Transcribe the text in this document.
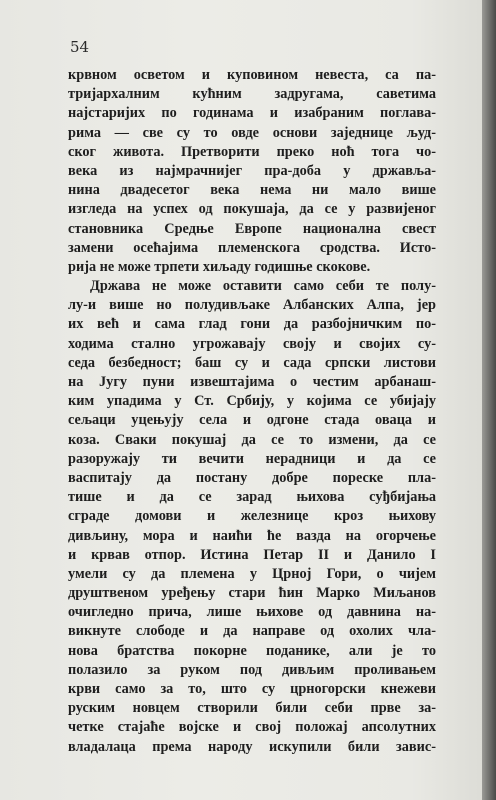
54
крвном осветом и куповином невеста, са па-
тријархалним кућним задругама, саветима
најстаријих по годинама и изабраним поглава-
рима — све су то овде основи заједнице људ-
ског живота. Претворити преко ноћ тога чо-
века из најмрачнијег пра-доба у државља-
нина двадесетог века нема ни мало више
изгледа на успех од покушаја, да се у развијеног
становника Средње Европе национална свест
замени осећајима племенскога сродства. Исто-
рија не може трпети хиљаду годишње скокове.
Држава не може оставити само себи те полу-
лу-и више но полудивљаке Албанских Алпа, јер
их већ и сама глад гони да разбојничким по-
ходима стално угрожавају своју и својих су-
седа безбедност; баш су и сада српски листови
на Југу пуни извештајима о честим арбанаш-
ким упадима у Ст. Србију, у којима се убијају
сељаци уцењују села и одгоне стада оваца и
коза. Сваки покушај да се то измени, да се
разоружају ти вечити нерадници и да се
васпитају да постану добре пореске пла-
тише и да се зарад њихова суђбијања
сграде домови и железнице кроз њихову
дивљину, мора и наићи ће вазда на огорчење
и крвав отпор. Истина Петар II и Данило I
умели су да племена у Црној Гори, о чијем
друштвеном уређењу стари ћин Марко Миљанов
очигледно прича, лише њихове од давнина на-
викнуте слободе и да направе од охолих чла-
нова братства покорне поданике, али је то
полазило за руком под дивљим проливањем
крви само за то, што су црногорски кнежеви
руским новцем створили били себи прве за-
четке стајаће војске и свој положај апсолутних
владалаца према народу искупили били завис-
